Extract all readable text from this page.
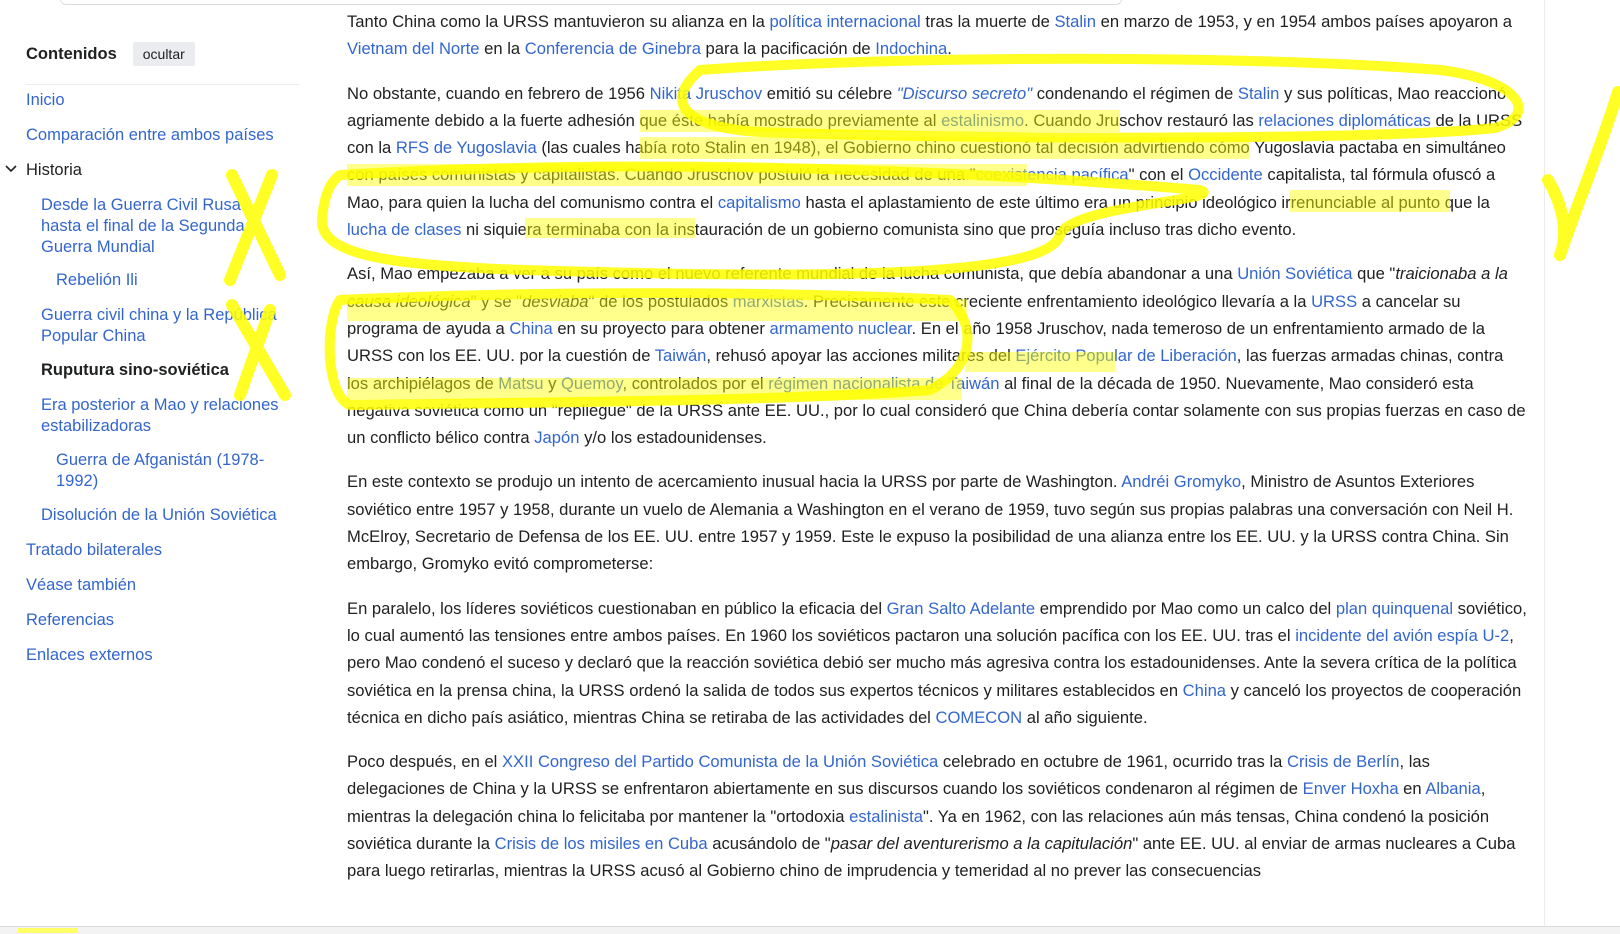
Contenidos	ocultar
Inicio
Comparación entre ambos países
Historia
Desde la Guerra Civil Rusa hasta el final de la Segunda Guerra Mundial
Rebelión Ili
Guerra civil china y la República Popular China
Ruputura sino-soviética
Era posterior a Mao y relaciones estabilizadoras
Guerra de Afganistán (1978-1992)
Disolución de la Unión Soviética
Tratado bilaterales
Véase también
Referencias
Enlaces externos

Tanto China como la URSS mantuvieron su alianza en la política internacional tras la muerte de Stalin en marzo de 1953, y en 1954 ambos países apoyaron a Vietnam del Norte en la Conferencia de Ginebra para la pacificación de Indochina.

No obstante, cuando en febrero de 1956 Nikita Jruschov emitió su célebre "Discurso secreto" condenando el régimen de Stalin y sus políticas, Mao reaccionó agriamente debido a la fuerte adhesión que éste había mostrado previamente al estalinismo. Cuando Jruschov restauró las relaciones diplomáticas de la URSS con la RFS de Yugoslavia (las cuales había roto Stalin en 1948), el Gobierno chino cuestionó tal decisión advirtiendo cómo Yugoslavia pactaba en simultáneo con países comunistas y capitalistas. Cuando Jruschov postuló la necesidad de una "coexistencia pacífica" con el Occidente capitalista, tal fórmula ofuscó a Mao, para quien la lucha del comunismo contra el capitalismo hasta el aplastamiento de este último era un principio ideológico irrenunciable al punto que la lucha de clases ni siquiera terminaba con la instauración de un gobierno comunista sino que proseguía incluso tras dicho evento.

Así, Mao empezaba a ver a su país como el nuevo referente mundial de la lucha comunista, que debía abandonar a una Unión Soviética que "traicionaba a la causa ideológica" y se "desviaba" de los postulados marxistas. Precisamente este creciente enfrentamiento ideológico llevaría a la URSS a cancelar su programa de ayuda a China en su proyecto para obtener armamento nuclear. En el año 1958 Jruschov, nada temeroso de un enfrentamiento armado de la URSS con los EE. UU. por la cuestión de Taiwán, rehusó apoyar las acciones militares del Ejército Popular de Liberación, las fuerzas armadas chinas, contra los archipiélagos de Matsu y Quemoy, controlados por el régimen nacionalista de Taiwán al final de la década de 1950. Nuevamente, Mao consideró esta negativa soviética como un "repliegue" de la URSS ante EE. UU., por lo cual consideró que China debería contar solamente con sus propias fuerzas en caso de un conflicto bélico contra Japón y/o los estadounidenses.

En este contexto se produjo un intento de acercamiento inusual hacia la URSS por parte de Washington. Andréi Gromyko, Ministro de Asuntos Exteriores soviético entre 1957 y 1958, durante un vuelo de Alemania a Washington en el verano de 1959, tuvo según sus propias palabras una conversación con Neil H. McElroy, Secretario de Defensa de los EE. UU. entre 1957 y 1959. Este le expuso la posibilidad de una alianza entre los EE. UU. y la URSS contra China. Sin embargo, Gromyko evitó comprometerse:

En paralelo, los líderes soviéticos cuestionaban en público la eficacia del Gran Salto Adelante emprendido por Mao como un calco del plan quinquenal soviético, lo cual aumentó las tensiones entre ambos países. En 1960 los soviéticos pactaron una solución pacífica con los EE. UU. tras el incidente del avión espía U-2, pero Mao condenó el suceso y declaró que la reacción soviética debió ser mucho más agresiva contra los estadounidenses. Ante la severa crítica de la política soviética en la prensa china, la URSS ordenó la salida de todos sus expertos técnicos y militares establecidos en China y canceló los proyectos de cooperación técnica en dicho país asiático, mientras China se retiraba de las actividades del COMECON al año siguiente.

Poco después, en el XXII Congreso del Partido Comunista de la Unión Soviética celebrado en octubre de 1961, ocurrido tras la Crisis de Berlín, las delegaciones de China y la URSS se enfrentaron abiertamente en sus discursos cuando los soviéticos condenaron al régimen de Enver Hoxha en Albania, mientras la delegación china lo felicitaba por mantener la "ortodoxia estalinista". Ya en 1962, con las relaciones aún más tensas, China condenó la posición soviética durante la Crisis de los misiles en Cuba acusándolo de "pasar del aventurerismo a la capitulación" ante EE. UU. al enviar de armas nucleares a Cuba para luego retirarlas, mientras la URSS acusó al Gobierno chino de imprudencia y temeridad al no prever las consecuencias
